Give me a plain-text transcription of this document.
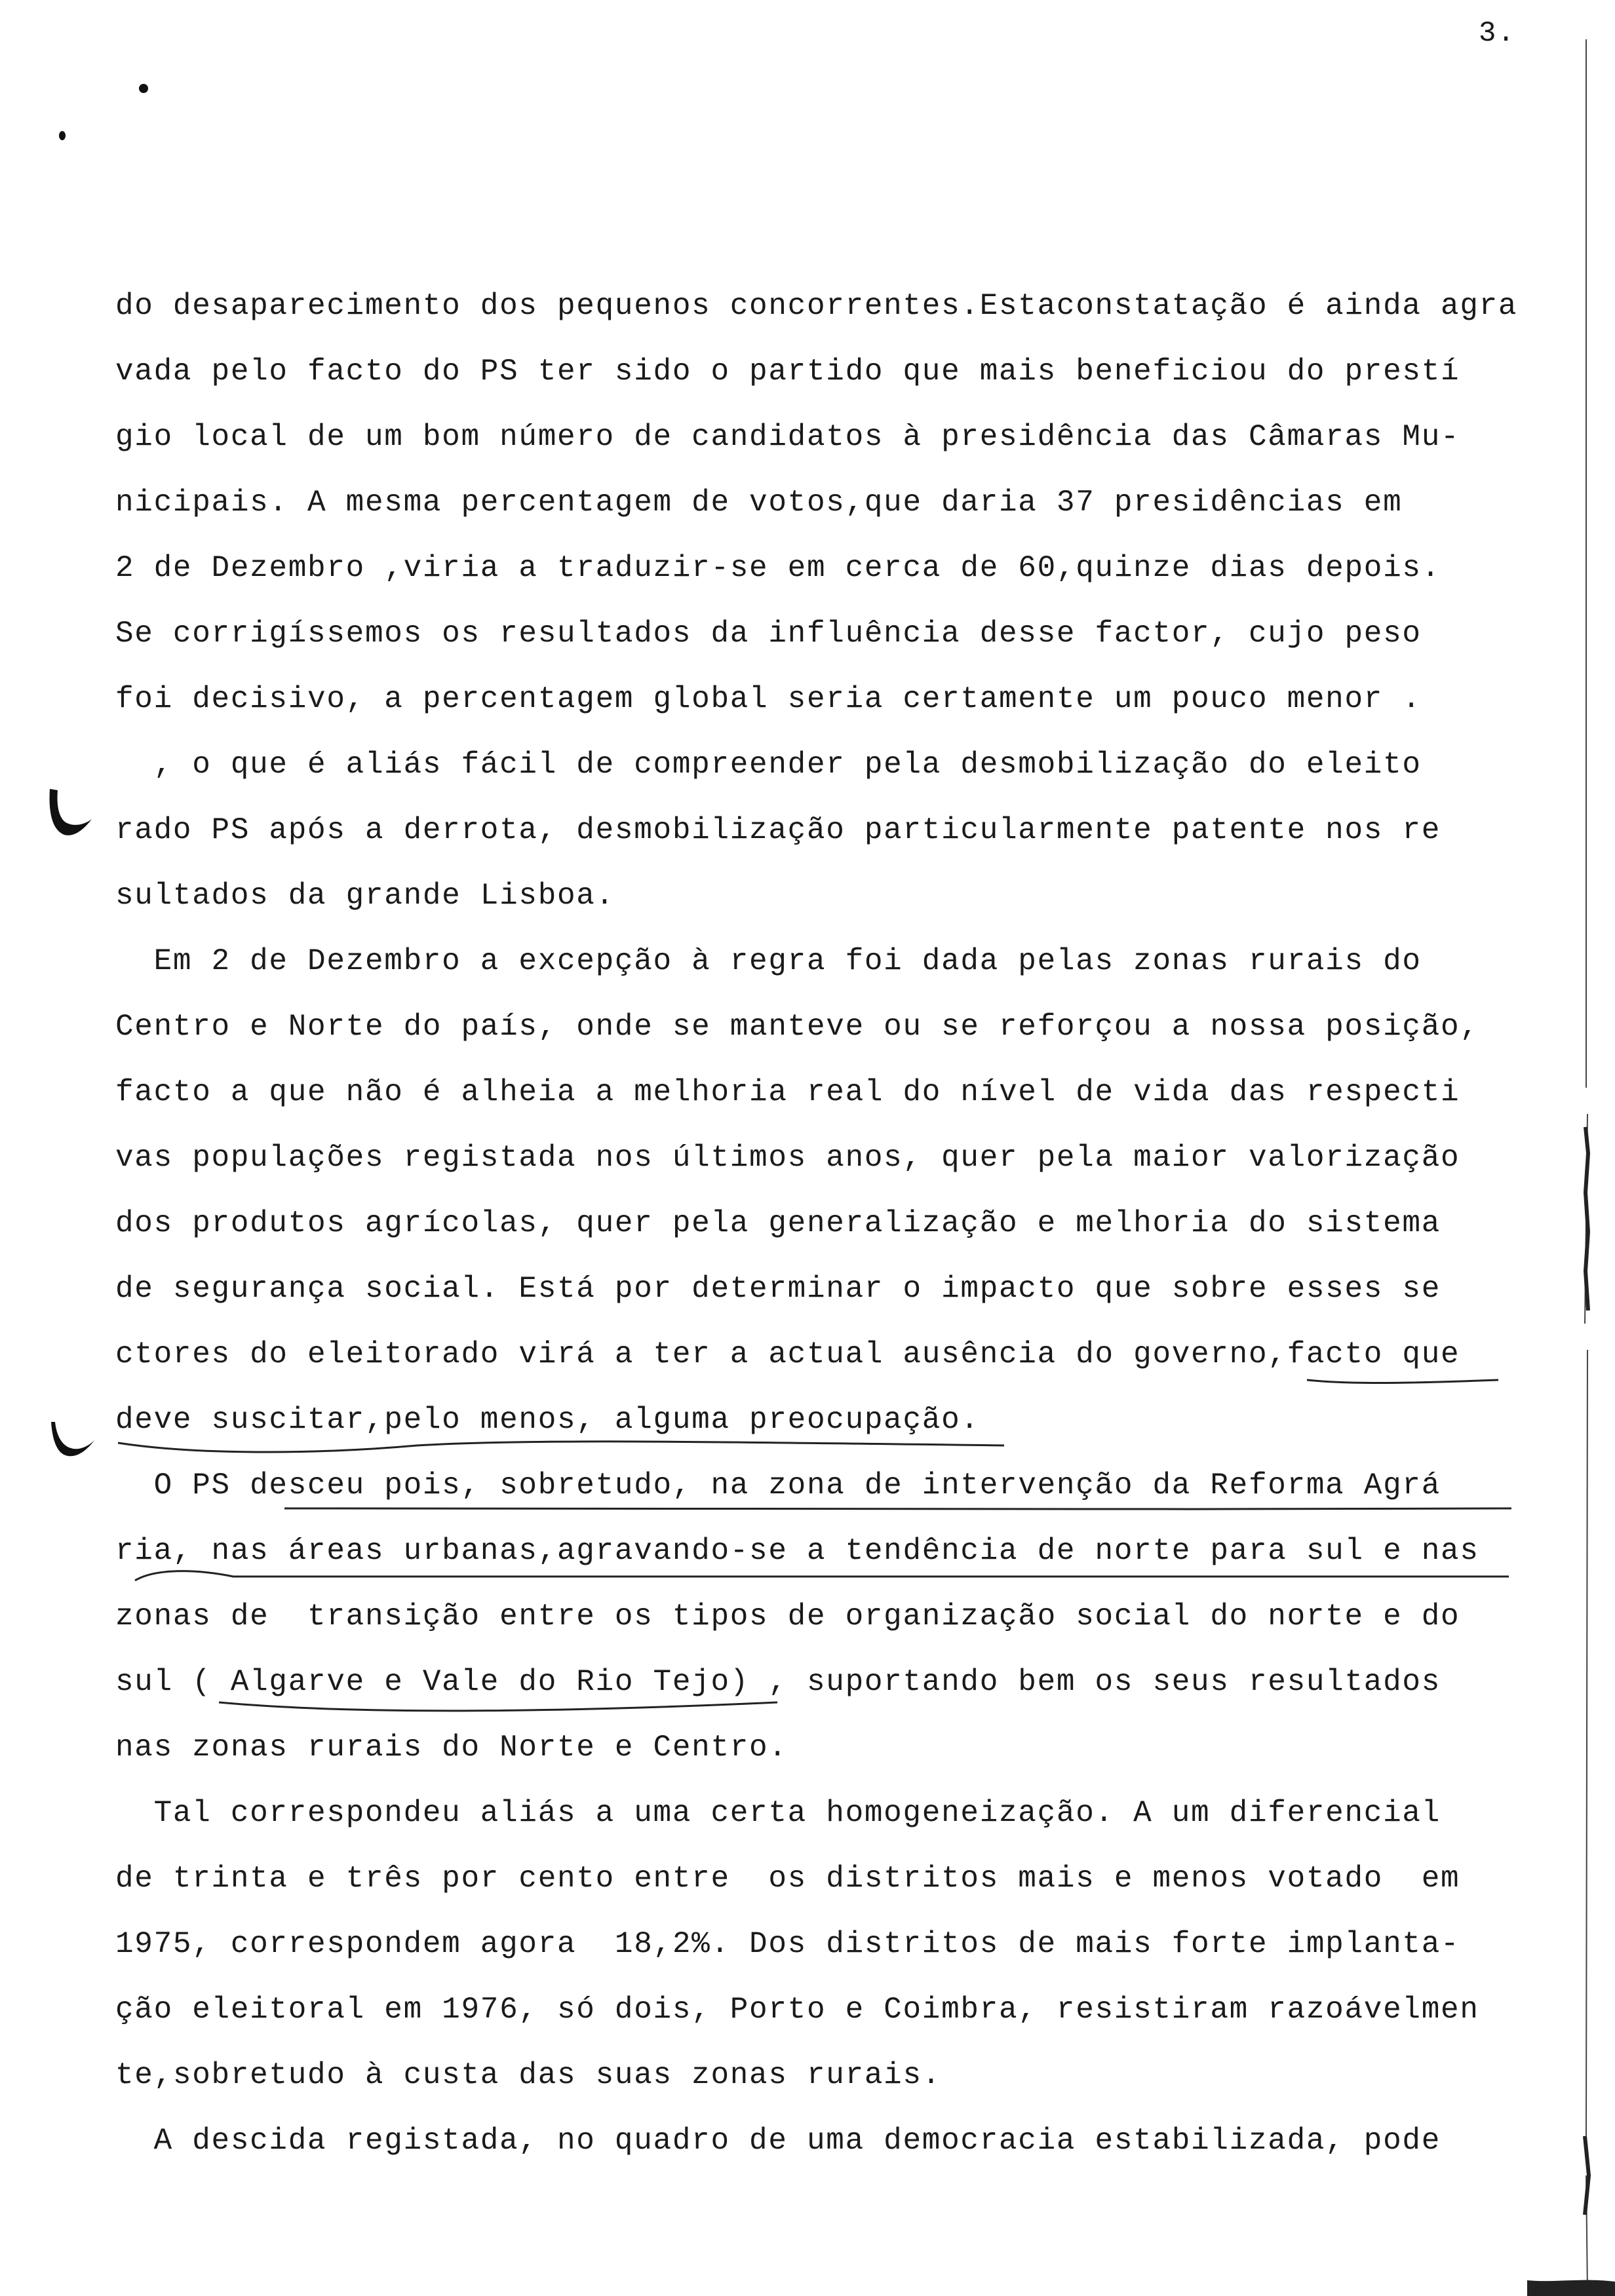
3.
do desaparecimento dos pequenos concorrentes.Estaconstatação é ainda agra
vada pelo facto do PS ter sido o partido que mais beneficiou do prestí
gio local de um bom número de candidatos à presidência das Câmaras Mu-
nicipais. A mesma percentagem de votos,que daria 37 presidências em
2 de Dezembro ,viria a traduzir-se em cerca de 60,quinze dias depois.
Se corrigíssemos os resultados da influência desse factor, cujo peso
foi decisivo, a percentagem global seria certamente um pouco menor .
, o que é aliás fácil de compreender pela desmobilização do eleito
rado PS após a derrota, desmobilização particularmente patente nos re
sultados da grande Lisboa.
Em 2 de Dezembro a excepção à regra foi dada pelas zonas rurais do
Centro e Norte do país, onde se manteve ou se reforçou a nossa posição,
facto a que não é alheia a melhoria real do nível de vida das respecti
vas populações registada nos últimos anos, quer pela maior valorização
dos produtos agrícolas, quer pela generalização e melhoria do sistema
de segurança social. Está por determinar o impacto que sobre esses se
ctores do eleitorado virá a ter a actual ausência do governo,facto que
deve suscitar,pelo menos, alguma preocupação.
O PS desceu pois, sobretudo, na zona de intervenção da Reforma Agrá
ria, nas áreas urbanas,agravando-se a tendência de norte para sul e nas
zonas de  transição entre os tipos de organização social do norte e do
sul ( Algarve e Vale do Rio Tejo) , suportando bem os seus resultados
nas zonas rurais do Norte e Centro.
Tal correspondeu aliás a uma certa homogeneização. A um diferencial
de trinta e três por cento entre  os distritos mais e menos votado  em
1975, correspondem agora  18,2%. Dos distritos de mais forte implanta-
ção eleitoral em 1976, só dois, Porto e Coimbra, resistiram razoávelmen
te,sobretudo à custa das suas zonas rurais.
A descida registada, no quadro de uma democracia estabilizada, pode
